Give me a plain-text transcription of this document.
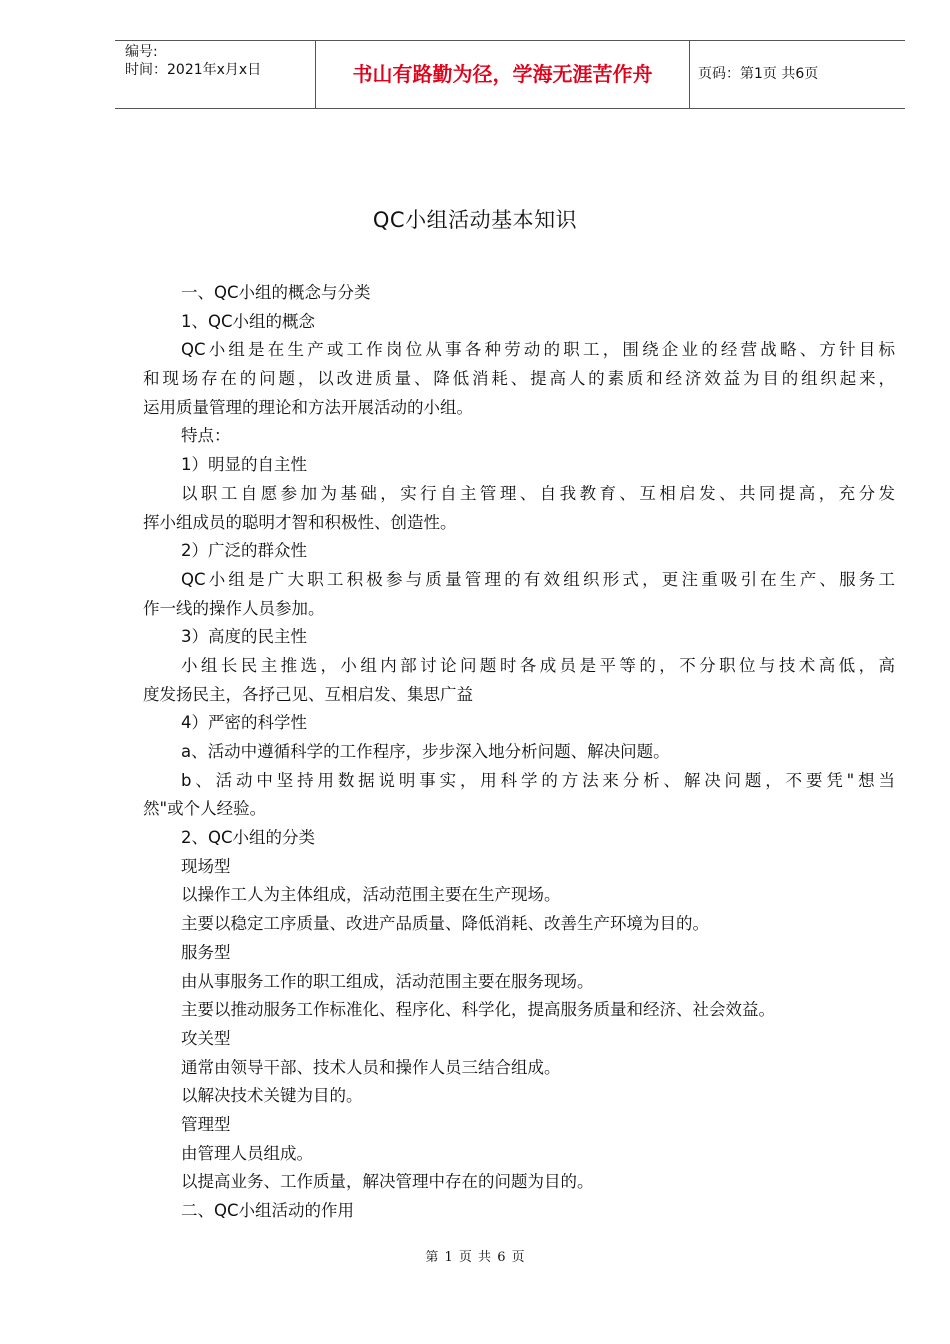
编号:
时间：2021年x月x日	书山有路勤为径，学海无涯苦作舟	页码：第1页 共6页
QC小组活动基本知识
一、QC小组的概念与分类
1、QC小组的概念
QC小组是在生产或工作岗位从事各种劳动的职工，围绕企业的经营战略、方针目标
和现场存在的问题，以改进质量、降低消耗、提高人的素质和经济效益为目的组织起来，
运用质量管理的理论和方法开展活动的小组。
特点：
1）明显的自主性
以职工自愿参加为基础，实行自主管理、自我教育、互相启发、共同提高，充分发
挥小组成员的聪明才智和积极性、创造性。
2）广泛的群众性
QC小组是广大职工积极参与质量管理的有效组织形式，更注重吸引在生产、服务工
作一线的操作人员参加。
3）高度的民主性
小组长民主推选，小组内部讨论问题时各成员是平等的，不分职位与技术高低，高
度发扬民主，各抒己见、互相启发、集思广益
4）严密的科学性
a、活动中遵循科学的工作程序，步步深入地分析问题、解决问题。
b、活动中坚持用数据说明事实，用科学的方法来分析、解决问题，不要凭"想当
然"或个人经验。
2、QC小组的分类
现场型
以操作工人为主体组成，活动范围主要在生产现场。
主要以稳定工序质量、改进产品质量、降低消耗、改善生产环境为目的。
服务型
由从事服务工作的职工组成，活动范围主要在服务现场。
主要以推动服务工作标准化、程序化、科学化，提高服务质量和经济、社会效益。
攻关型
通常由领导干部、技术人员和操作人员三结合组成。
以解决技术关键为目的。
管理型
由管理人员组成。
以提高业务、工作质量，解决管理中存在的问题为目的。
二、QC小组活动的作用
第 1 页 共 6 页
